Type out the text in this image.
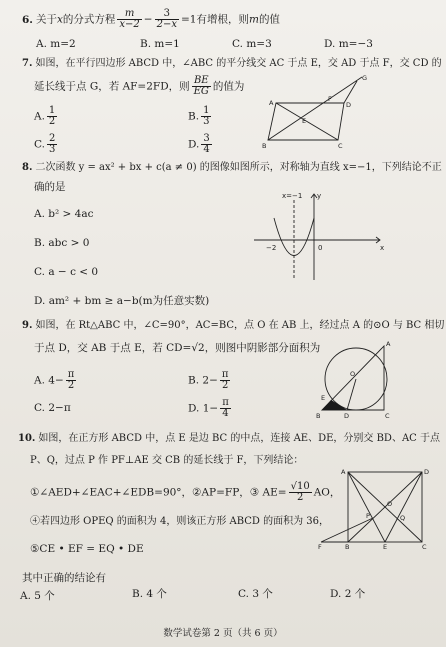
6. 关于x的分式方程 $\frac{m}{x-2} - \frac{3}{2-x} =1$有增根，则m的值
A. m=2	B. m=1	C. m=3	D. m=−3
7. 如图，在平行四边形 ABCD 中，∠ABC 的平分线交 AC 于点 E，交 AD 于点 F，交 CD 的
延长线于点 G，若 AF=2FD，则 $\frac{BE}{EG}$ 的值为
A. $\frac{1}{2}$	B. $\frac{1}{3}$
C. $\frac{2}{3}$	D. $\frac{3}{4}$
A	D
F
G
E
B	C
8. 二次函数 y = ax² + bx + c(a ≠ 0) 的图像如图所示，对称轴为直线 x=−1，下列结论不正
确的是
A. b² > 4ac
B. abc > 0
C. a − c < 0
D. am² + bm ≥ a−b(m为任意实数)
x=−1 y
x
−2	0
9. 如图，在 Rt△ABC 中，∠C=90°，AC=BC，点 O 在 AB 上，经过点 A 的⊙O 与 BC 相切
于点 D，交 AB 于点 E，若 CD=√2，则图中阴影部分面积为
A. $4- \frac{\pi}{2}$	B. $2- \frac{\pi}{2}$
C. 2−π	D. $1- \frac{\pi}{4}$
A
O
E
B	D	C
10. 如图，在正方形 ABCD 中，点 E 是边 BC 的中点，连接 AE、DE，分别交 BD、AC 于点
P、Q，过点 P 作 PF⊥AE 交 CB 的延长线于 F，下列结论：
①∠AED+∠EAC+∠EDB=90°，②AP=FP，③ $AE= \frac{√10}{2}$ AO，
④若四边形 OPEQ 的面积为 4，则该正方形 ABCD 的面积为 36，
⑤CE • EF = EQ • DE
其中正确的结论有
A. 5 个	B. 4 个	C. 3 个	D. 2 个
A	D
O
P	Q
F	B	E	C
数学试卷第 2 页（共 6 页）
